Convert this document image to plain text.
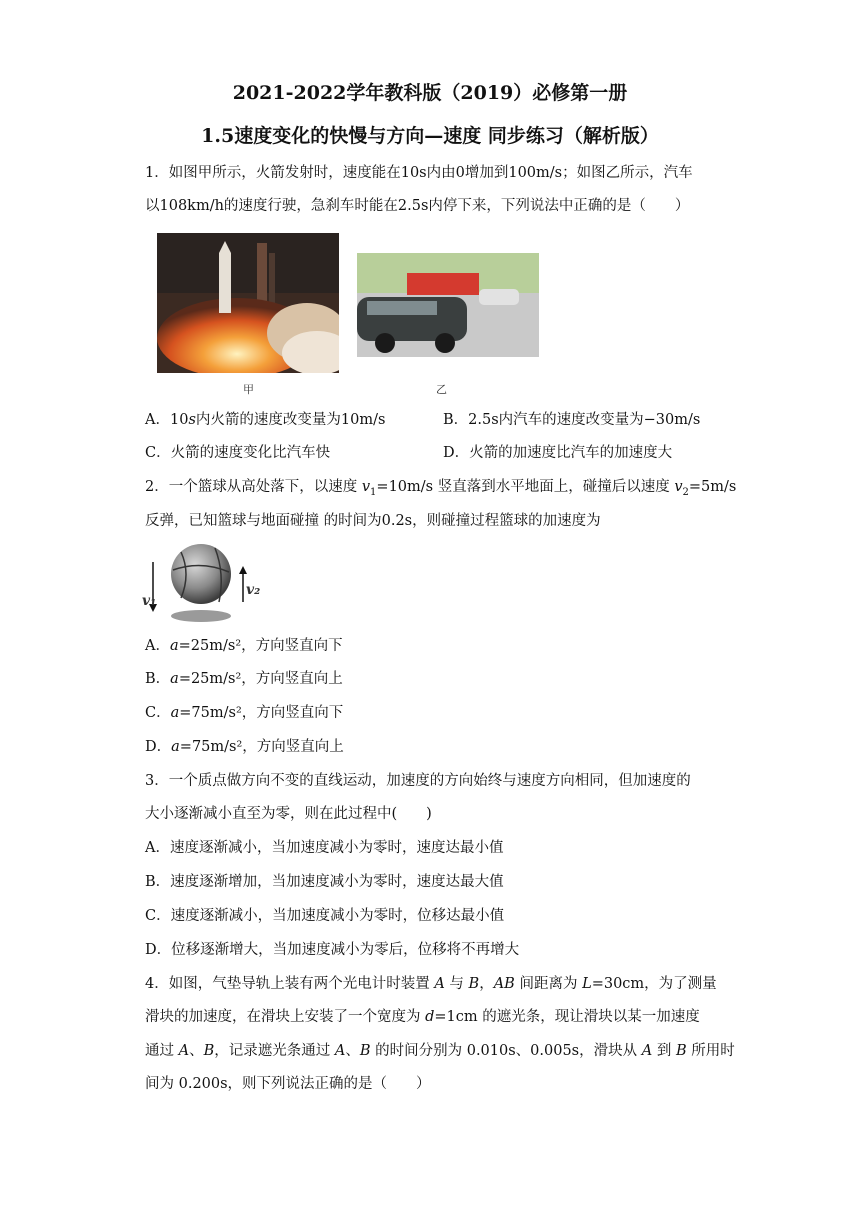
2021-2022学年教科版（2019）必修第一册
1.5速度变化的快慢与方向—速度 同步练习（解析版）
1．如图甲所示，火箭发射时，速度能在10s内由0增加到100m/s；如图乙所示，汽车
以108km/h的速度行驶，急刹车时能在2.5s内停下来，下列说法中正确的是（　　）
甲	乙
A．10s内火箭的速度改变量为10m/s	B．2.5s内汽车的速度改变量为−30m/s
C．火箭的速度变化比汽车快	D．火箭的加速度比汽车的加速度大
2．一个篮球从高处落下，以速度 $v_1=10m/s$ 竖直落到水平地面上，碰撞后以速度 $v_2=5m/s$
反弹，已知篮球与地面碰撞 的时间为0.2s，则碰撞过程篮球的加速度为
v₁
v₂
A．a=25m/s²，方向竖直向下
B．a=25m/s²，方向竖直向上
C．a=75m/s²，方向竖直向下
D．a=75m/s²，方向竖直向上
3．一个质点做方向不变的直线运动，加速度的方向始终与速度方向相同，但加速度的
大小逐渐减小直至为零，则在此过程中(　　)
A．速度逐渐减小，当加速度减小为零时，速度达最小值
B．速度逐渐增加，当加速度减小为零时，速度达最大值
C．速度逐渐减小，当加速度减小为零时，位移达最小值
D．位移逐渐增大，当加速度减小为零后，位移将不再增大
4．如图，气垫导轨上装有两个光电计时装置 A 与 B，AB 间距离为 L=30cm，为了测量
滑块的加速度，在滑块上安装了一个宽度为 d=1cm 的遮光条，现让滑块以某一加速度
通过 A、B，记录遮光条通过 A、B 的时间分别为 0.010s、0.005s，滑块从 A 到 B 所用时
间为 0.200s，则下列说法正确的是（　　）
